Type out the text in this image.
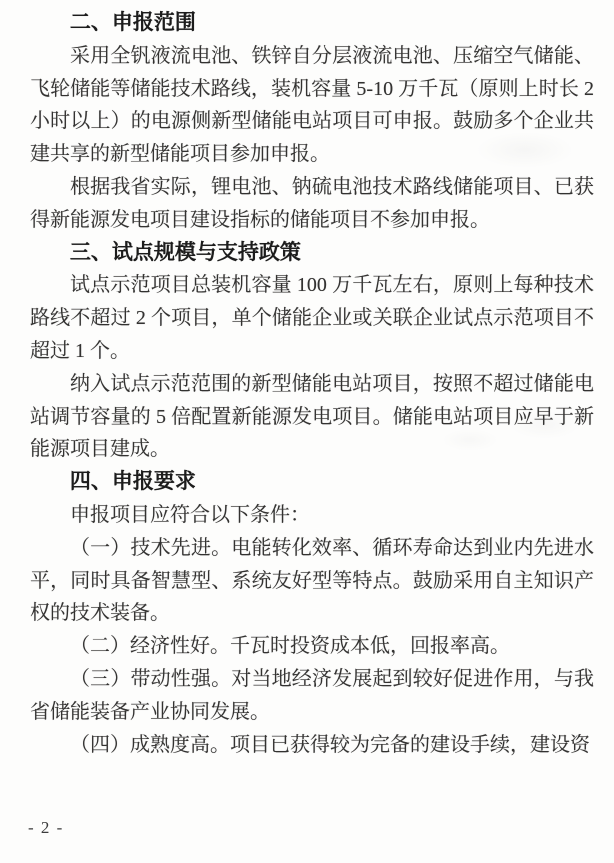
二、申报范围

采用全钒液流电池、铁锌自分层液流电池、压缩空气储能、飞轮储能等储能技术路线，装机容量 5-10 万千瓦（原则上时长 2 小时以上）的电源侧新型储能电站项目可申报。鼓励多个企业共建共享的新型储能项目参加申报。

根据我省实际，锂电池、钠硫电池技术路线储能项目、已获得新能源发电项目建设指标的储能项目不参加申报。

三、试点规模与支持政策

试点示范项目总装机容量 100 万千瓦左右，原则上每种技术路线不超过 2 个项目，单个储能企业或关联企业试点示范项目不超过 1 个。

纳入试点示范范围的新型储能电站项目，按照不超过储能电站调节容量的 5 倍配置新能源发电项目。储能电站项目应早于新能源项目建成。

四、申报要求

申报项目应符合以下条件：

（一）技术先进。电能转化效率、循环寿命达到业内先进水平，同时具备智慧型、系统友好型等特点。鼓励采用自主知识产权的技术装备。

（二）经济性好。千瓦时投资成本低，回报率高。

（三）带动性强。对当地经济发展起到较好促进作用，与我省储能装备产业协同发展。

（四）成熟度高。项目已获得较为完备的建设手续，建设资

- 2 -
